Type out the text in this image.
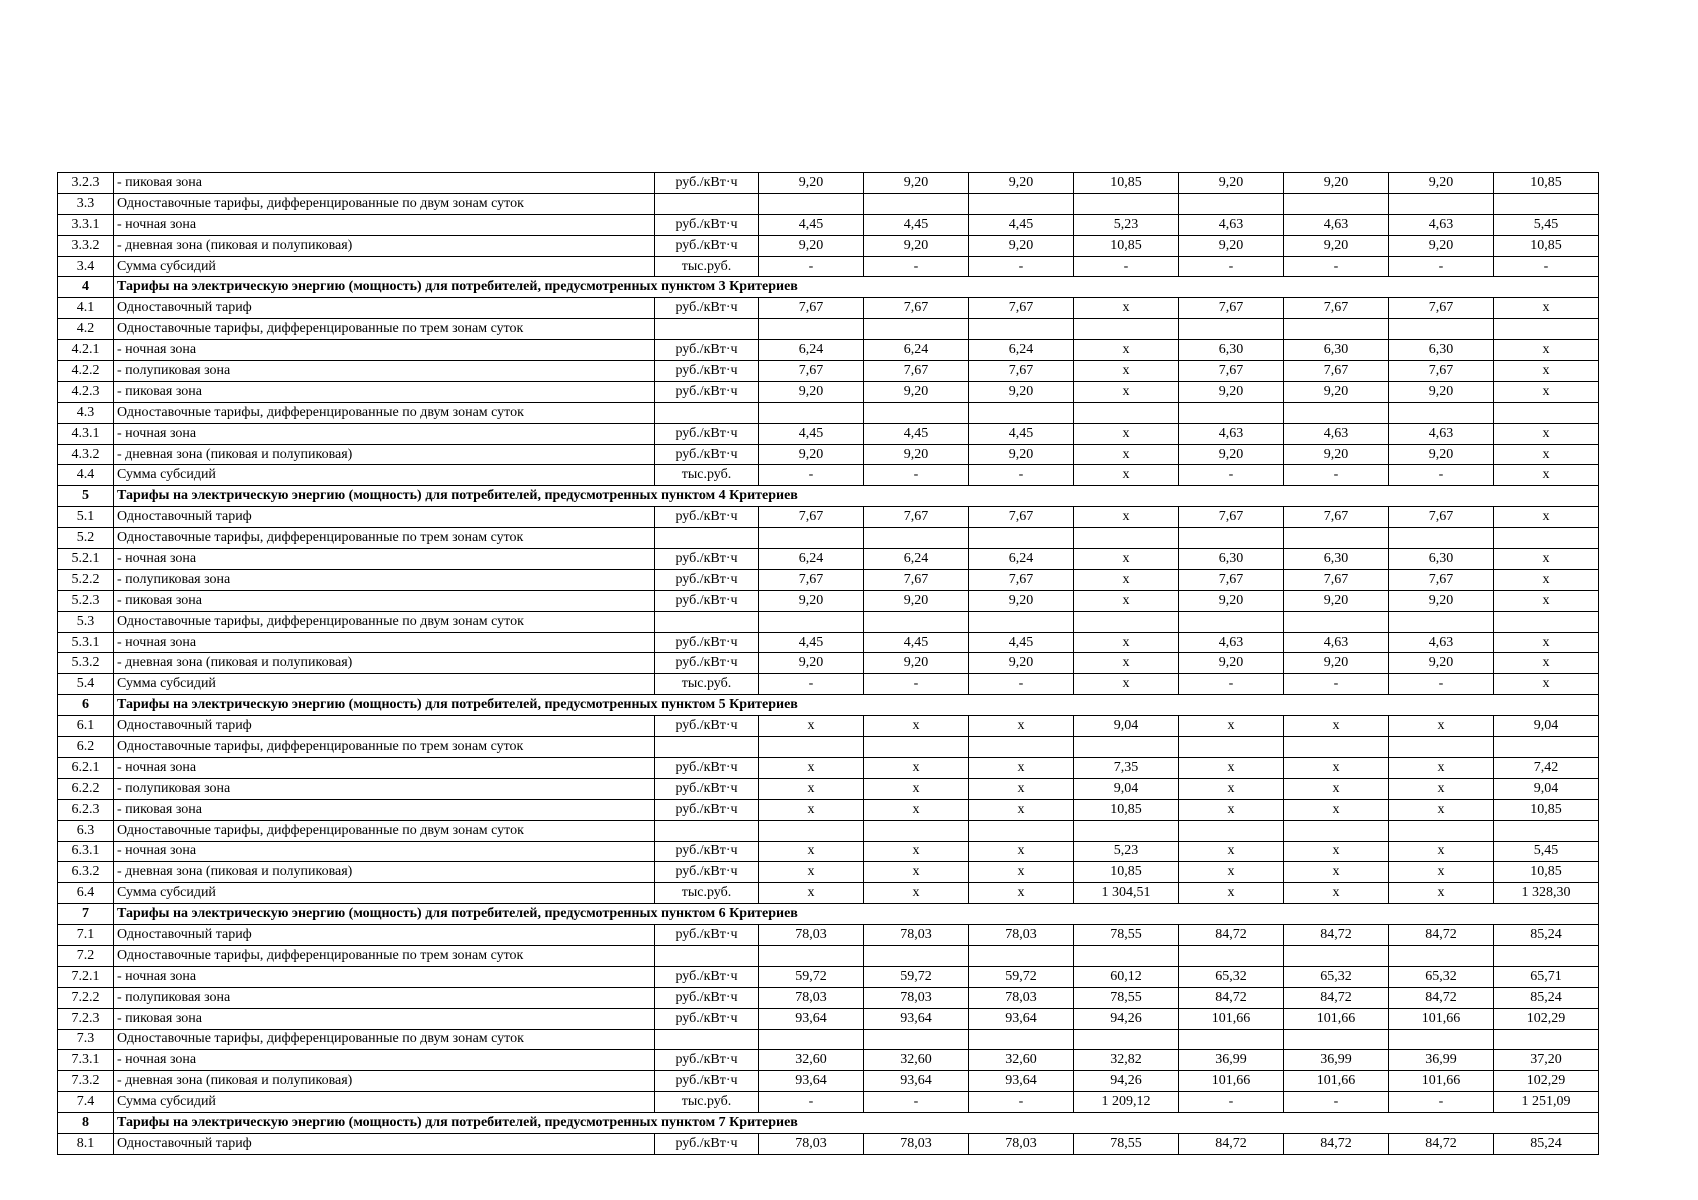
3.2.3	- пиковая зона	руб./кВт·ч	9,20	9,20	9,20	10,85	9,20	9,20	9,20	10,85
3.3	Одноставочные тарифы, дифференцированные по двум зонам суток									
3.3.1	- ночная зона	руб./кВт·ч	4,45	4,45	4,45	5,23	4,63	4,63	4,63	5,45
3.3.2	- дневная зона (пиковая и полупиковая)	руб./кВт·ч	9,20	9,20	9,20	10,85	9,20	9,20	9,20	10,85
3.4	Сумма субсидий	тыс.руб.	-	-	-	-	-	-	-	-
4	Тарифы на электрическую энергию (мощность) для потребителей, предусмотренных пунктом 3 Критериев									
4.1	Одноставочный тариф	руб./кВт·ч	7,67	7,67	7,67	x	7,67	7,67	7,67	x
4.2	Одноставочные тарифы, дифференцированные по трем зонам суток									
4.2.1	- ночная зона	руб./кВт·ч	6,24	6,24	6,24	x	6,30	6,30	6,30	x
4.2.2	- полупиковая зона	руб./кВт·ч	7,67	7,67	7,67	x	7,67	7,67	7,67	x
4.2.3	- пиковая зона	руб./кВт·ч	9,20	9,20	9,20	x	9,20	9,20	9,20	x
4.3	Одноставочные тарифы, дифференцированные по двум зонам суток									
4.3.1	- ночная зона	руб./кВт·ч	4,45	4,45	4,45	x	4,63	4,63	4,63	x
4.3.2	- дневная зона (пиковая и полупиковая)	руб./кВт·ч	9,20	9,20	9,20	x	9,20	9,20	9,20	x
4.4	Сумма субсидий	тыс.руб.	-	-	-	x	-	-	-	x
5	Тарифы на электрическую энергию (мощность) для потребителей, предусмотренных пунктом 4 Критериев									
5.1	Одноставочный тариф	руб./кВт·ч	7,67	7,67	7,67	x	7,67	7,67	7,67	x
5.2	Одноставочные тарифы, дифференцированные по трем зонам суток									
5.2.1	- ночная зона	руб./кВт·ч	6,24	6,24	6,24	x	6,30	6,30	6,30	x
5.2.2	- полупиковая зона	руб./кВт·ч	7,67	7,67	7,67	x	7,67	7,67	7,67	x
5.2.3	- пиковая зона	руб./кВт·ч	9,20	9,20	9,20	x	9,20	9,20	9,20	x
5.3	Одноставочные тарифы, дифференцированные по двум зонам суток									
5.3.1	- ночная зона	руб./кВт·ч	4,45	4,45	4,45	x	4,63	4,63	4,63	x
5.3.2	- дневная зона (пиковая и полупиковая)	руб./кВт·ч	9,20	9,20	9,20	x	9,20	9,20	9,20	x
5.4	Сумма субсидий	тыс.руб.	-	-	-	x	-	-	-	x
6	Тарифы на электрическую энергию (мощность) для потребителей, предусмотренных пунктом 5 Критериев									
6.1	Одноставочный тариф	руб./кВт·ч	x	x	x	9,04	x	x	x	9,04
6.2	Одноставочные тарифы, дифференцированные по трем зонам суток									
6.2.1	- ночная зона	руб./кВт·ч	x	x	x	7,35	x	x	x	7,42
6.2.2	- полупиковая зона	руб./кВт·ч	x	x	x	9,04	x	x	x	9,04
6.2.3	- пиковая зона	руб./кВт·ч	x	x	x	10,85	x	x	x	10,85
6.3	Одноставочные тарифы, дифференцированные по двум зонам суток									
6.3.1	- ночная зона	руб./кВт·ч	x	x	x	5,23	x	x	x	5,45
6.3.2	- дневная зона (пиковая и полупиковая)	руб./кВт·ч	x	x	x	10,85	x	x	x	10,85
6.4	Сумма субсидий	тыс.руб.	x	x	x	1 304,51	x	x	x	1 328,30
7	Тарифы на электрическую энергию (мощность) для потребителей, предусмотренных пунктом 6 Критериев									
7.1	Одноставочный тариф	руб./кВт·ч	78,03	78,03	78,03	78,55	84,72	84,72	84,72	85,24
7.2	Одноставочные тарифы, дифференцированные по трем зонам суток									
7.2.1	- ночная зона	руб./кВт·ч	59,72	59,72	59,72	60,12	65,32	65,32	65,32	65,71
7.2.2	- полупиковая зона	руб./кВт·ч	78,03	78,03	78,03	78,55	84,72	84,72	84,72	85,24
7.2.3	- пиковая зона	руб./кВт·ч	93,64	93,64	93,64	94,26	101,66	101,66	101,66	102,29
7.3	Одноставочные тарифы, дифференцированные по двум зонам суток									
7.3.1	- ночная зона	руб./кВт·ч	32,60	32,60	32,60	32,82	36,99	36,99	36,99	37,20
7.3.2	- дневная зона (пиковая и полупиковая)	руб./кВт·ч	93,64	93,64	93,64	94,26	101,66	101,66	101,66	102,29
7.4	Сумма субсидий	тыс.руб.	-	-	-	1 209,12	-	-	-	1 251,09
8	Тарифы на электрическую энергию (мощность) для потребителей, предусмотренных пунктом 7 Критериев									
8.1	Одноставочный тариф	руб./кВт·ч	78,03	78,03	78,03	78,55	84,72	84,72	84,72	85,24
